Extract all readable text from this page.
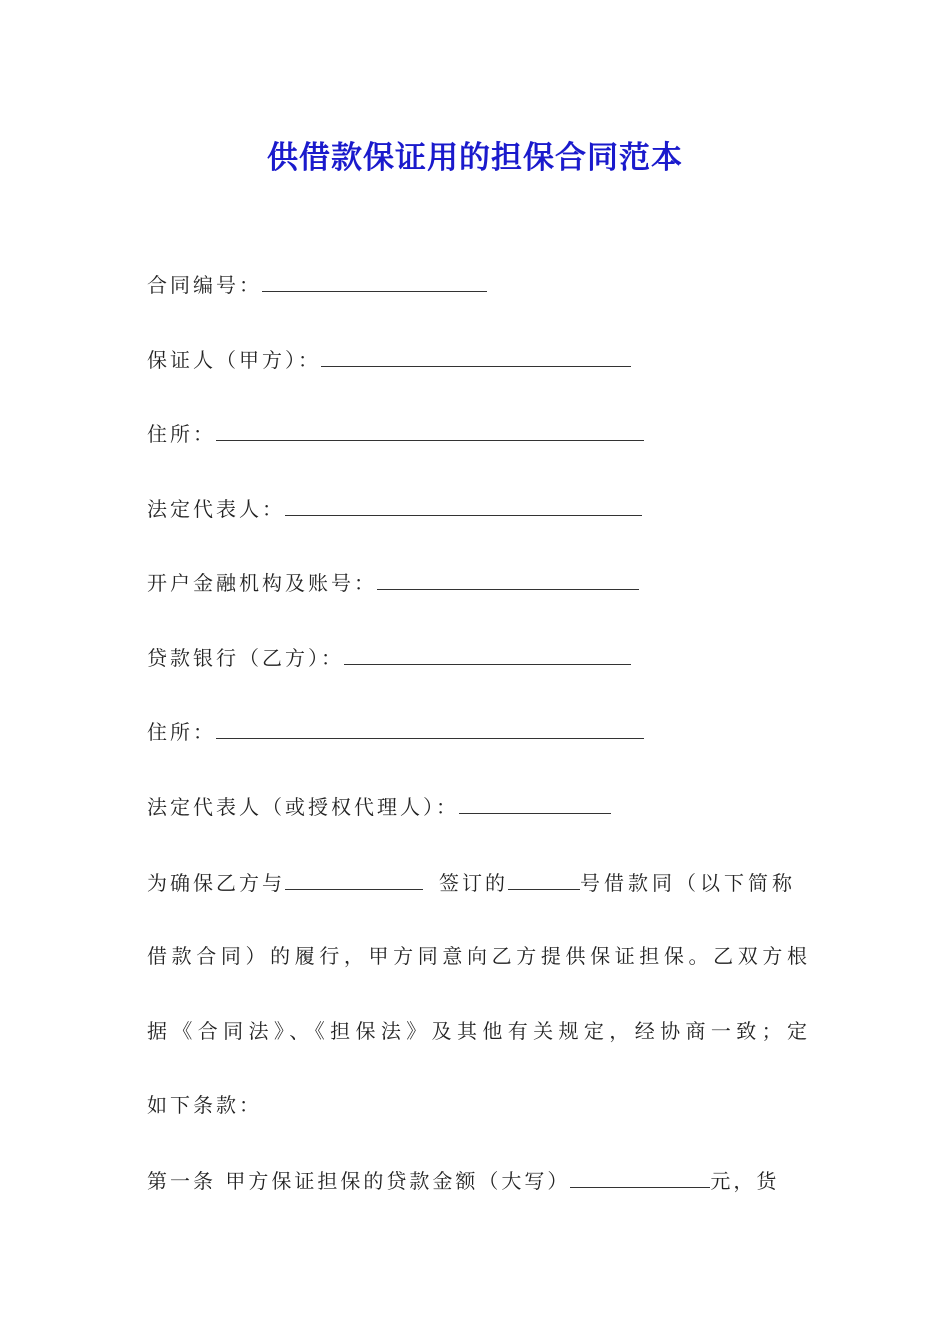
供借款保证用的担保合同范本
合同编号：
保证人（甲方）：
住所：
法定代表人：
开户金融机构及账号：
贷款银行（乙方）：
住所：
法定代表人（或授权代理人）：
为确保乙方与	签订的	号借款同（以下简称
借款合同）的履行，甲方同意向乙方提供保证担保。乙双方根
据《合同法》、《担保法》及其他有关规定，经协商一致；定
如下条款：
第一条 甲方保证担保的贷款金额（大写）	元，货
